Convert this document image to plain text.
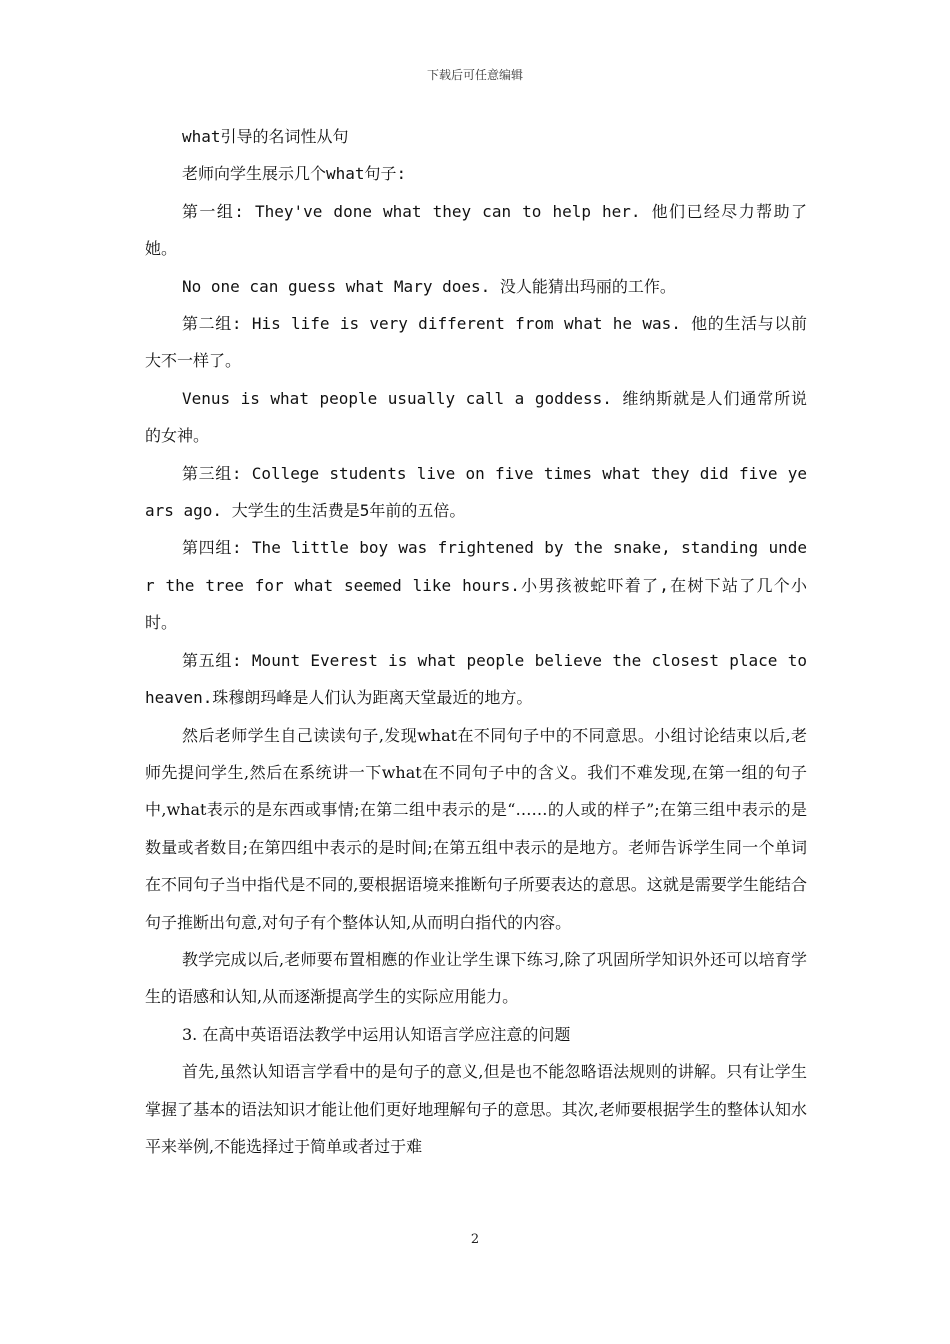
下载后可任意编辑

what引导的名词性从句

老师向学生展示几个what句子:

第一组: They've done what they can to help her. 他们已经尽力帮助了她。

No one can guess what Mary does. 没人能猜出玛丽的工作。

第二组: His life is very different from what he was. 他的生活与以前大不一样了。

Venus is what people usually call a goddess. 维纳斯就是人们通常所说的女神。

第三组: College students live on five times what they did five years ago. 大学生的生活费是5年前的五倍。

第四组: The little boy was frightened by the snake, standing under the tree for what seemed like hours.小男孩被蛇吓着了,在树下站了几个小时。

第五组: Mount Everest is what people believe the closest place to heaven.珠穆朗玛峰是人们认为距离天堂最近的地方。

然后老师学生自己读读句子,发现what在不同句子中的不同意思。小组讨论结束以后,老师先提问学生,然后在系统讲一下what在不同句子中的含义。我们不难发现,在第一组的句子中,what表示的是东西或事情;在第二组中表示的是“……的人或的样子”;在第三组中表示的是数量或者数目;在第四组中表示的是时间;在第五组中表示的是地方。老师告诉学生同一个单词在不同句子当中指代是不同的,要根据语境来推断句子所要表达的意思。这就是需要学生能结合句子推断出句意,对句子有个整体认知,从而明白指代的内容。

教学完成以后,老师要布置相應的作业让学生课下练习,除了巩固所学知识外还可以培育学生的语感和认知,从而逐渐提高学生的实际应用能力。

3. 在高中英语语法教学中运用认知语言学应注意的问题

首先,虽然认知语言学看中的是句子的意义,但是也不能忽略语法规则的讲解。只有让学生掌握了基本的语法知识才能让他们更好地理解句子的意思。其次,老师要根据学生的整体认知水平来举例,不能选择过于简单或者过于难

2
